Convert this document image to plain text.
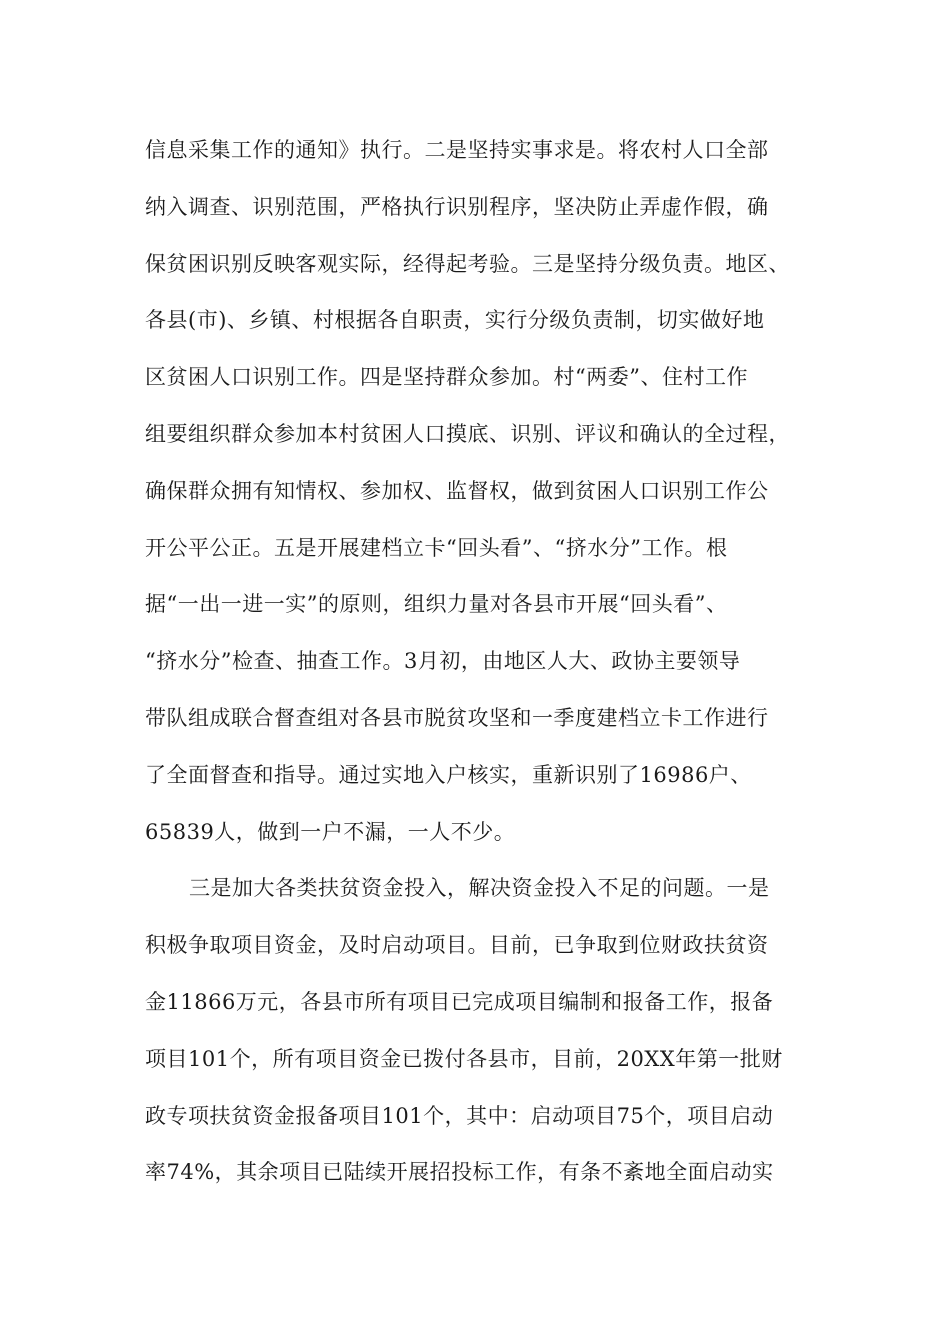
信息采集工作的通知》执行。二是坚持实事求是。将农村人口全部
纳入调查、识别范围，严格执行识别程序，坚决防止弄虚作假，确
保贫困识别反映客观实际，经得起考验。三是坚持分级负责。地区、
各县(市)、乡镇、村根据各自职责，实行分级负责制，切实做好地
区贫困人口识别工作。四是坚持群众参加。村“两委”、住村工作
组要组织群众参加本村贫困人口摸底、识别、评议和确认的全过程，
确保群众拥有知情权、参加权、监督权，做到贫困人口识别工作公
开公平公正。五是开展建档立卡“回头看”、“挤水分”工作。根
据“一出一进一实”的原则，组织力量对各县市开展“回头看”、
“挤水分”检查、抽查工作。3月初，由地区人大、政协主要领导
带队组成联合督查组对各县市脱贫攻坚和一季度建档立卡工作进行
了全面督查和指导。通过实地入户核实，重新识别了16986户、
65839人，做到一户不漏，一人不少。
三是加大各类扶贫资金投入，解决资金投入不足的问题。一是
积极争取项目资金，及时启动项目。目前，已争取到位财政扶贫资
金11866万元，各县市所有项目已完成项目编制和报备工作，报备
项目101个，所有项目资金已拨付各县市，目前，20XX年第一批财
政专项扶贫资金报备项目101个，其中：启动项目75个，项目启动
率74%，其余项目已陆续开展招投标工作，有条不紊地全面启动实
